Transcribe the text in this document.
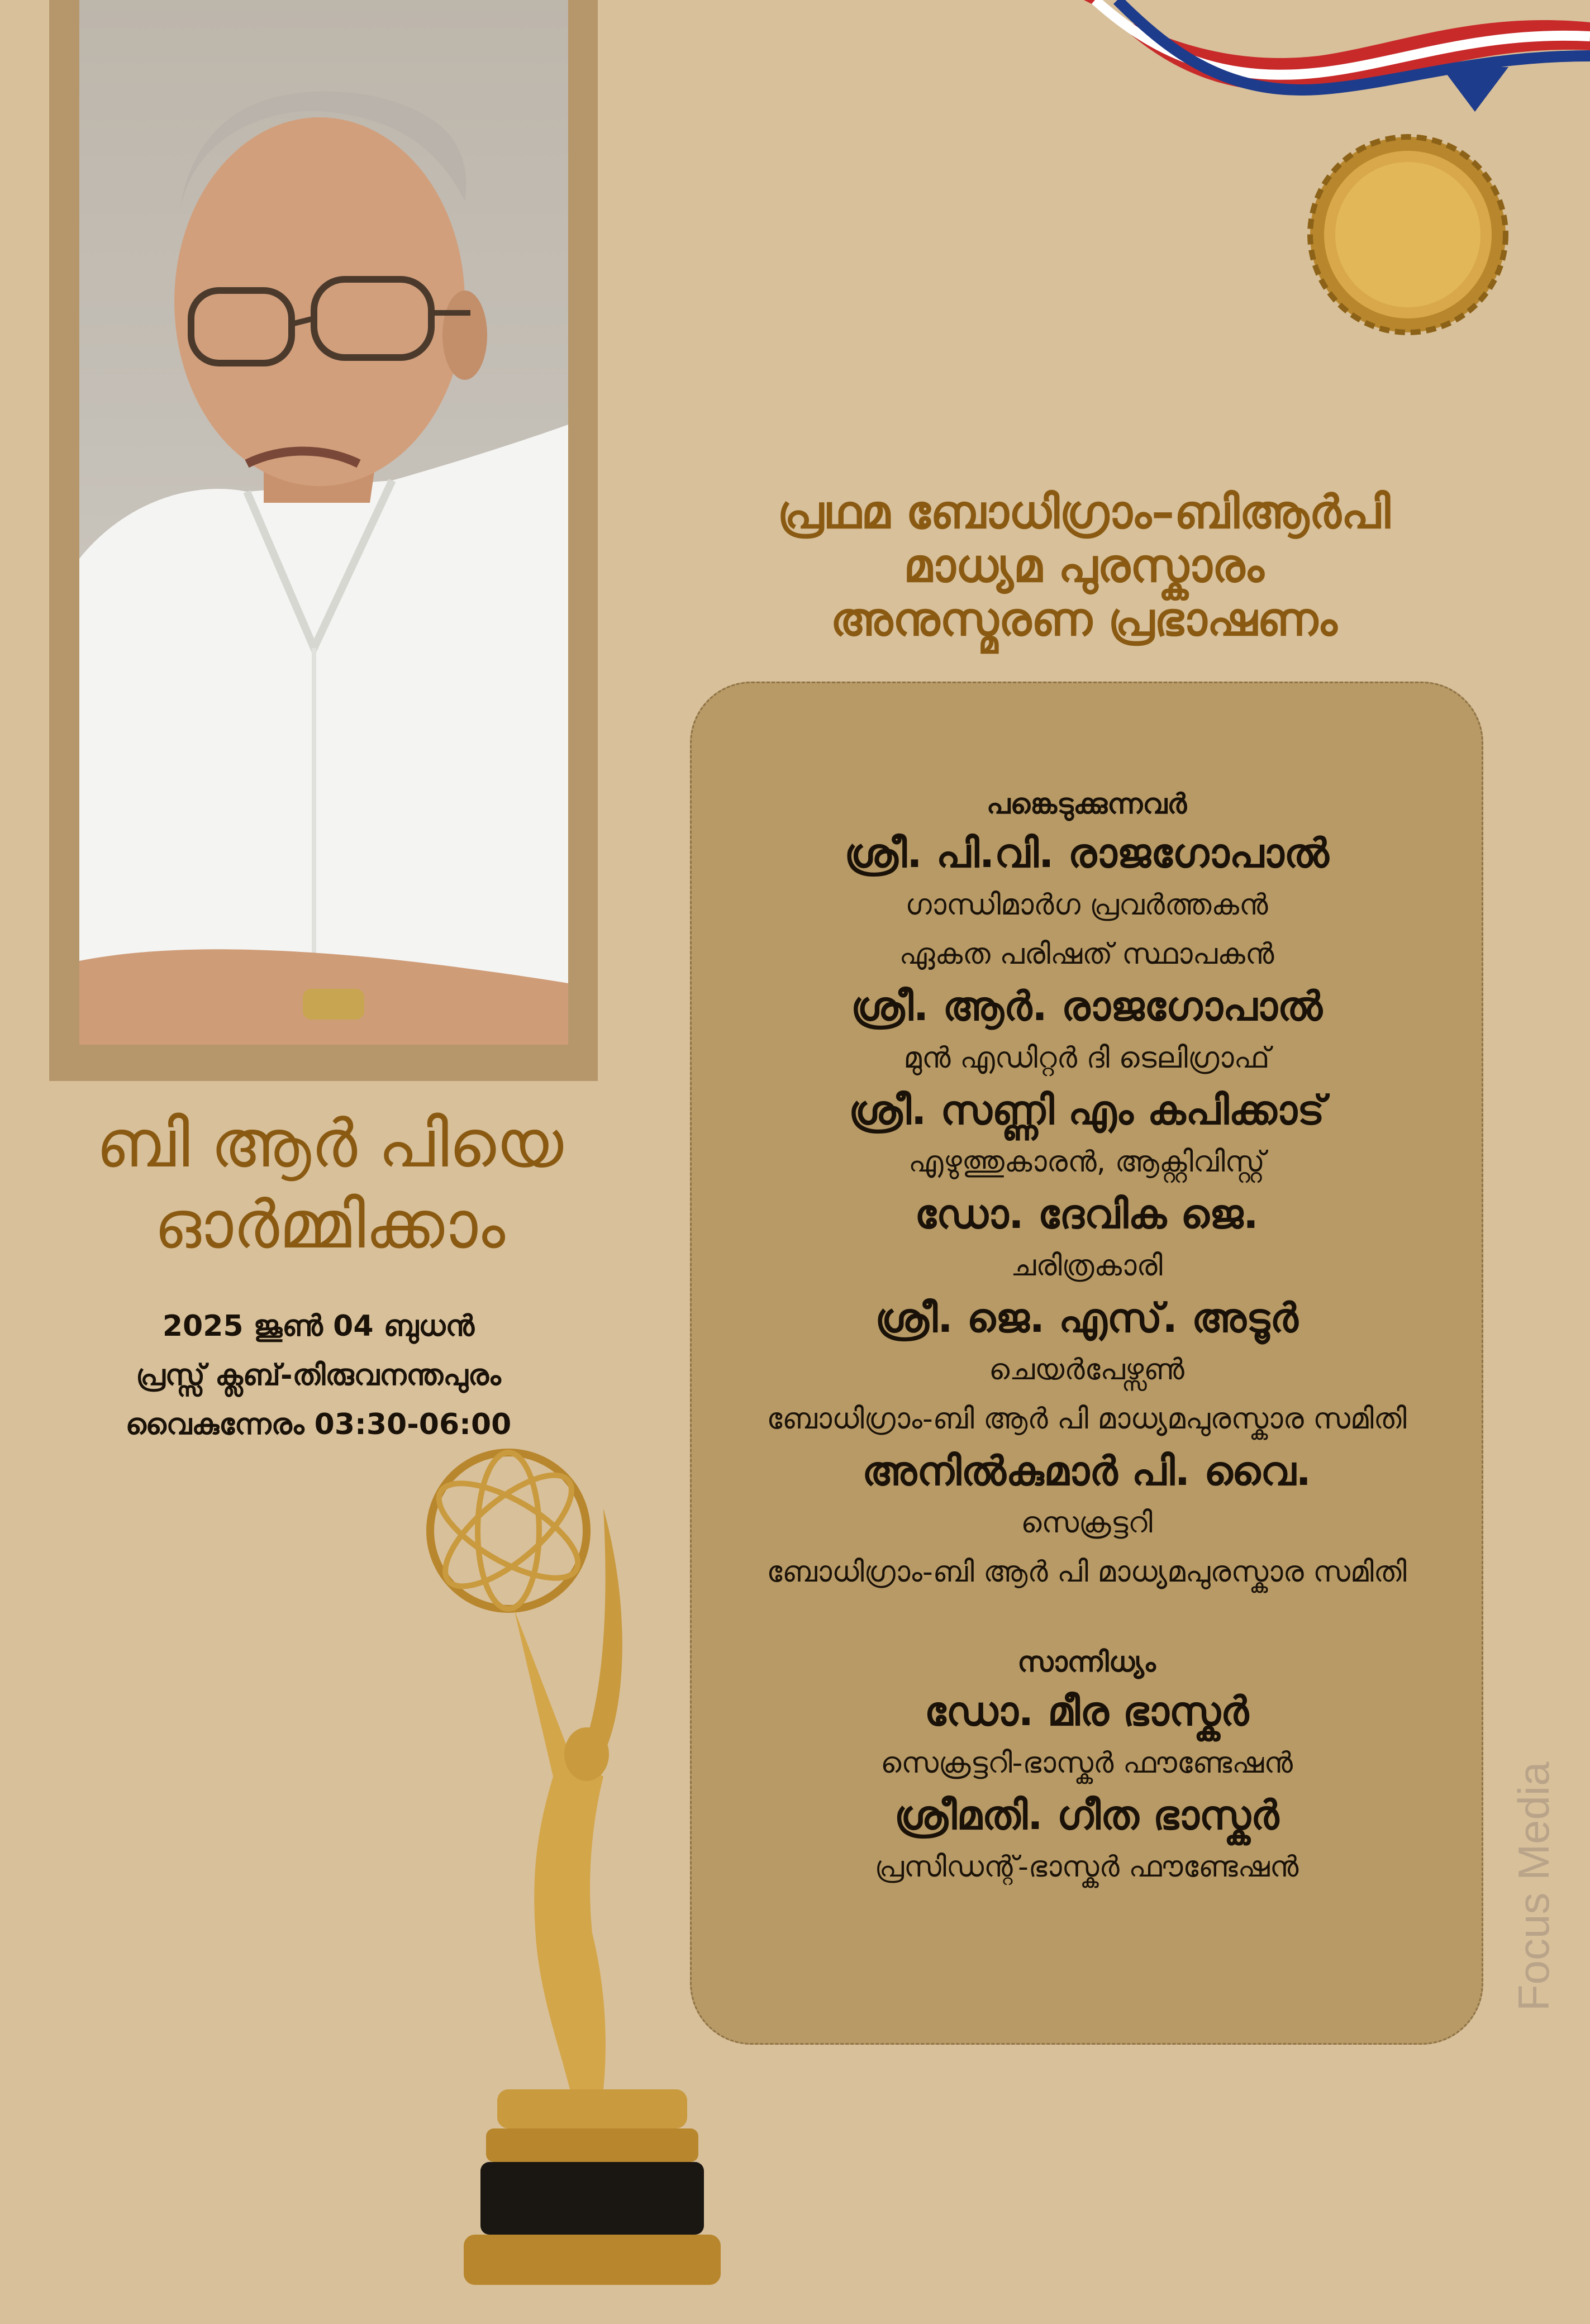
പ്രഥമ ബോധിഗ്രാം–ബിആർപി
മാധ്യമ പുരസ്കാരം
അനുസ്മരണ പ്രഭാഷണം
പങ്കെടുക്കുന്നവർ
ശ്രീ. പി.വി. രാജഗോപാൽ
ഗാന്ധിമാർഗ പ്രവർത്തകൻ
ഏകത പരിഷത് സ്ഥാപകൻ
ശ്രീ. ആർ. രാജഗോപാൽ
മുൻ എഡിറ്റർ ദി ടെലിഗ്രാഫ്
ശ്രീ. സണ്ണി എം കപിക്കാട്
എഴുത്തുകാരൻ, ആക്റ്റിവിസ്റ്റ്
ഡോ. ദേവിക ജെ.
ചരിത്രകാരി
ശ്രീ. ജെ. എസ്. അടൂർ
ചെയർപേഴ്സൺ
ബോധിഗ്രാം-ബി ആർ പി മാധ്യമപുരസ്കാര സമിതി
അനിൽകുമാർ പി. വൈ.
സെക്രട്ടറി
ബോധിഗ്രാം-ബി ആർ പി മാധ്യമപുരസ്കാര സമിതി
സാന്നിധ്യം
ഡോ. മീര ഭാസ്കർ
സെക്രട്ടറി-ഭാസ്കർ ഫൗണ്ടേഷൻ
ശ്രീമതി. ഗീത ഭാസ്കർ
പ്രസിഡന്റ്-ഭാസ്കർ ഫൗണ്ടേഷൻ
ബി ആർ പിയെ
ഓർമ്മിക്കാം
2025 ജൂൺ 04 ബുധൻ
പ്രസ്സ് ക്ലബ്-തിരുവനന്തപുരം
വൈകുന്നേരം 03:30-06:00
Focus Media
